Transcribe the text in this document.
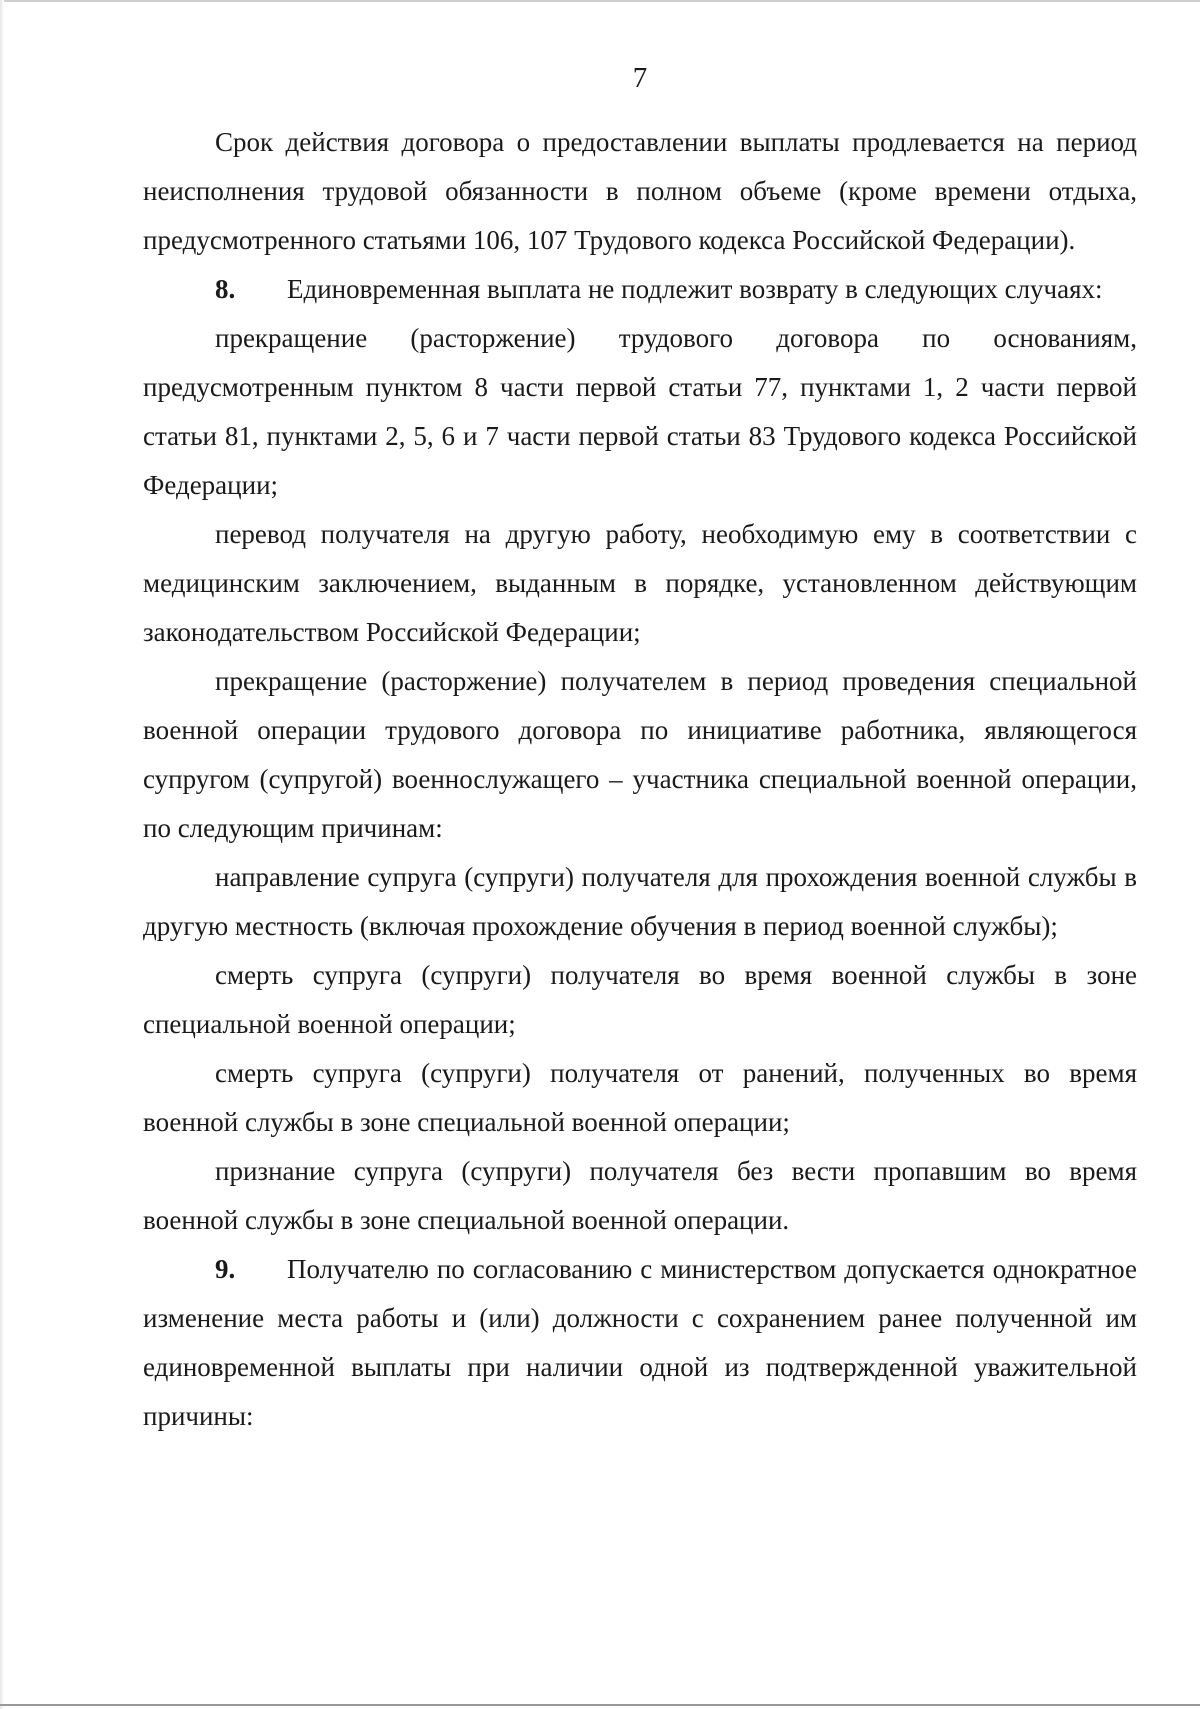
7

Срок действия договора о предоставлении выплаты продлевается на период неисполнения трудовой обязанности в полном объеме (кроме времени отдыха, предусмотренного статьями 106, 107 Трудового кодекса Российской Федерации).

8. Единовременная выплата не подлежит возврату в следующих случаях:

прекращение (расторжение) трудового договора по основаниям, предусмотренным пунктом 8 части первой статьи 77, пунктами 1, 2 части первой статьи 81, пунктами 2, 5, 6 и 7 части первой статьи 83 Трудового кодекса Российской Федерации;

перевод получателя на другую работу, необходимую ему в соответствии с медицинским заключением, выданным в порядке, установленном действующим законодательством Российской Федерации;

прекращение (расторжение) получателем в период проведения специальной военной операции трудового договора по инициативе работника, являющегося супругом (супругой) военнослужащего – участника специальной военной операции, по следующим причинам:

направление супруга (супруги) получателя для прохождения военной службы в другую местность (включая прохождение обучения в период военной службы);

смерть супруга (супруги) получателя во время военной службы в зоне специальной военной операции;

смерть супруга (супруги) получателя от ранений, полученных во время военной службы в зоне специальной военной операции;

признание супруга (супруги) получателя без вести пропавшим во время военной службы в зоне специальной военной операции.

9. Получателю по согласованию с министерством допускается однократное изменение места работы и (или) должности с сохранением ранее полученной им единовременной выплаты при наличии одной из подтвержденной уважительной причины:
